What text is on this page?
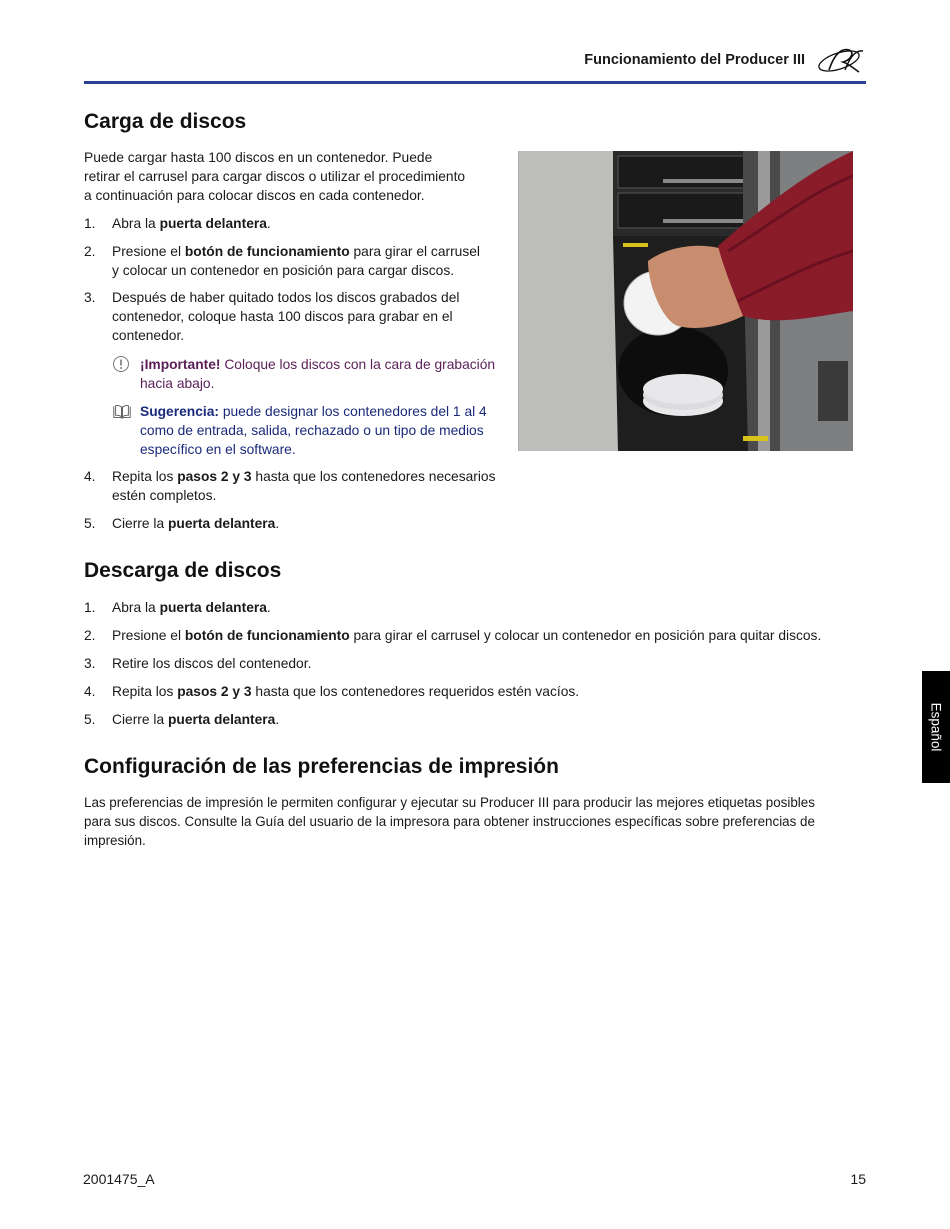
Funcionamiento del Producer III
Carga de discos
Puede cargar hasta 100 discos en un contenedor. Puede
retirar el carrusel para cargar discos o utilizar el procedimiento
a continuación para colocar discos en cada contenedor.
1.	Abra la puerta delantera.
2.	Presione el botón de funcionamiento para girar el carrusel
y colocar un contenedor en posición para cargar discos.
3.	Después de haber quitado todos los discos grabados del
contenedor, coloque hasta 100 discos para grabar en el
contenedor.
¡Importante! Coloque los discos con la cara de grabación
hacia abajo.
Sugerencia: puede designar los contenedores del 1 al 4
como de entrada, salida, rechazado o un tipo de medios
específico en el software.
4.	Repita los pasos 2 y 3 hasta que los contenedores necesarios
estén completos.
5.	Cierre la puerta delantera.
Descarga de discos
1.	Abra la puerta delantera.
2.	Presione el botón de funcionamiento para girar el carrusel y colocar un contenedor en posición para quitar discos.
3.	Retire los discos del contenedor.
4.	Repita los pasos 2 y 3 hasta que los contenedores requeridos estén vacíos.
5.	Cierre la puerta delantera.
Configuración de las preferencias de impresión
Las preferencias de impresión le permiten configurar y ejecutar su Producer III para producir las mejores etiquetas posibles
para sus discos. Consulte la Guía del usuario de la impresora para obtener instrucciones específicas sobre preferencias de
impresión.
Español
2001475_A	15
